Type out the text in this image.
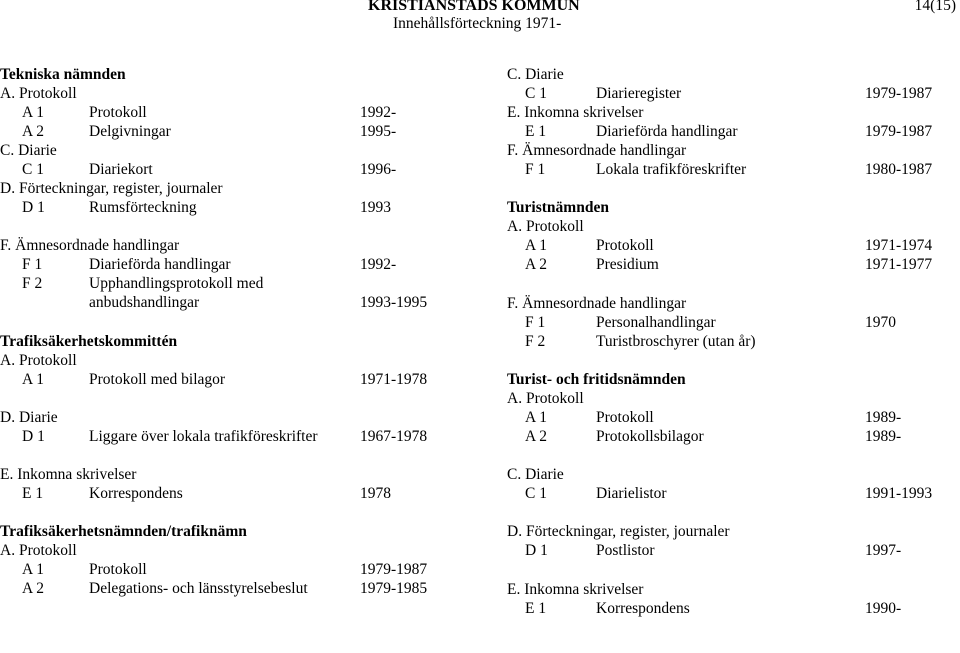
KRISTIANSTADS KOMMUN
Innehållsförteckning 1971-
14(15)
Tekniska nämnden
A. Protokoll
A 1	Protokoll	1992-
A 2	Delgivningar	1995-
C. Diarie
C 1	Diariekort	1996-
D. Förteckningar, register, journaler
D 1	Rumsförteckning	1993
F. Ämnesordnade handlingar
F 1	Diarieförda handlingar	1992-
F 2	Upphandlingsprotokoll med
anbudshandlingar	1993-1995
Trafiksäkerhetskommittén
A. Protokoll
A 1	Protokoll med bilagor	1971-1978
D. Diarie
D 1	Liggare över lokala trafikföreskrifter	1967-1978
E. Inkomna skrivelser
E 1	Korrespondens	1978
Trafiksäkerhetsnämnden/trafiknämn
A. Protokoll
A 1	Protokoll	1979-1987
A 2	Delegations- och länsstyrelsebeslut	1979-1985
C. Diarie
C 1	Diarieregister	1979-1987
E. Inkomna skrivelser
E 1	Diarieförda handlingar	1979-1987
F. Ämnesordnade handlingar
F 1	Lokala trafikföreskrifter	1980-1987
Turistnämnden
A. Protokoll
A 1	Protokoll	1971-1974
A 2	Presidium	1971-1977
F. Ämnesordnade handlingar
F 1	Personalhandlingar	1970
F 2	Turistbroschyrer (utan år)
Turist- och fritidsnämnden
A. Protokoll
A 1	Protokoll	1989-
A 2	Protokollsbilagor	1989-
C. Diarie
C 1	Diarielistor	1991-1993
D. Förteckningar, register, journaler
D 1	Postlistor	1997-
E. Inkomna skrivelser
E 1	Korrespondens	1990-
